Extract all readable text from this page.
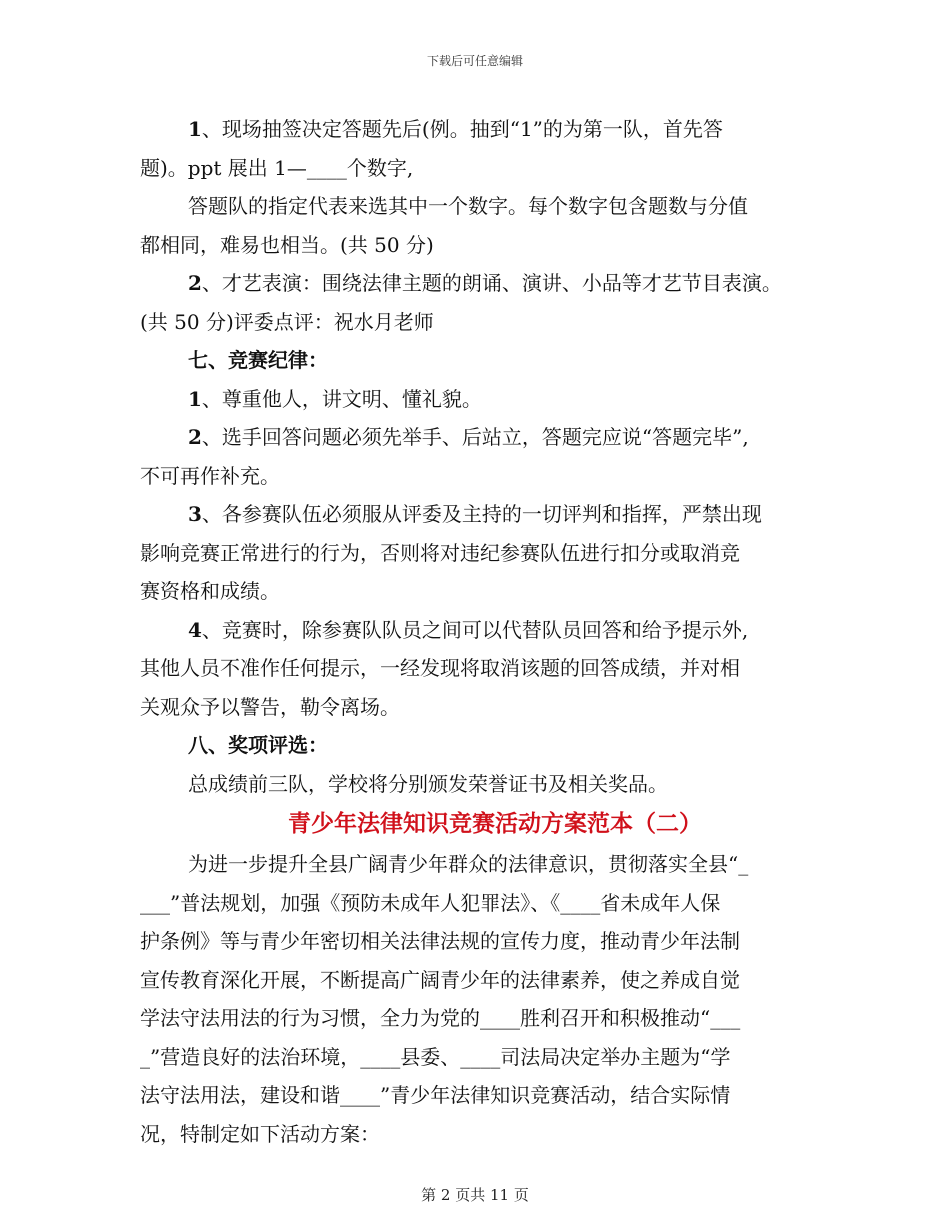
下载后可任意编辑
1、现场抽签决定答题先后(例。抽到“1”的为第一队，首先答
题)。ppt 展出 1—____个数字,
答题队的指定代表来选其中一个数字。每个数字包含题数与分值
都相同，难易也相当。(共 50 分)
2、才艺表演：围绕法律主题的朗诵、演讲、小品等才艺节目表演。
(共 50 分)评委点评：祝水月老师
七、竞赛纪律：
1、尊重他人，讲文明、懂礼貌。
2、选手回答问题必须先举手、后站立，答题完应说“答题完毕”,
不可再作补充。
3、各参赛队伍必须服从评委及主持的一切评判和指挥，严禁出现
影响竞赛正常进行的行为，否则将对违纪参赛队伍进行扣分或取消竞
赛资格和成绩。
4、竞赛时，除参赛队队员之间可以代替队员回答和给予提示外,
其他人员不准作任何提示，一经发现将取消该题的回答成绩，并对相
关观众予以警告，勒令离场。
八、奖项评选：
总成绩前三队，学校将分别颁发荣誉证书及相关奖品。
青少年法律知识竞赛活动方案范本（二）
为进一步提升全县广阔青少年群众的法律意识，贯彻落实全县“_
___”普法规划，加强《预防未成年人犯罪法》、《____省未成年人保
护条例》等与青少年密切相关法律法规的宣传力度，推动青少年法制
宣传教育深化开展，不断提高广阔青少年的法律素养，使之养成自觉
学法守法用法的行为习惯，全力为党的____胜利召开和积极推动“___
_”营造良好的法治环境，____县委、____司法局决定举办主题为“学
法守法用法，建设和谐____”青少年法律知识竞赛活动，结合实际情
况，特制定如下活动方案：
第 2 页共 11 页
